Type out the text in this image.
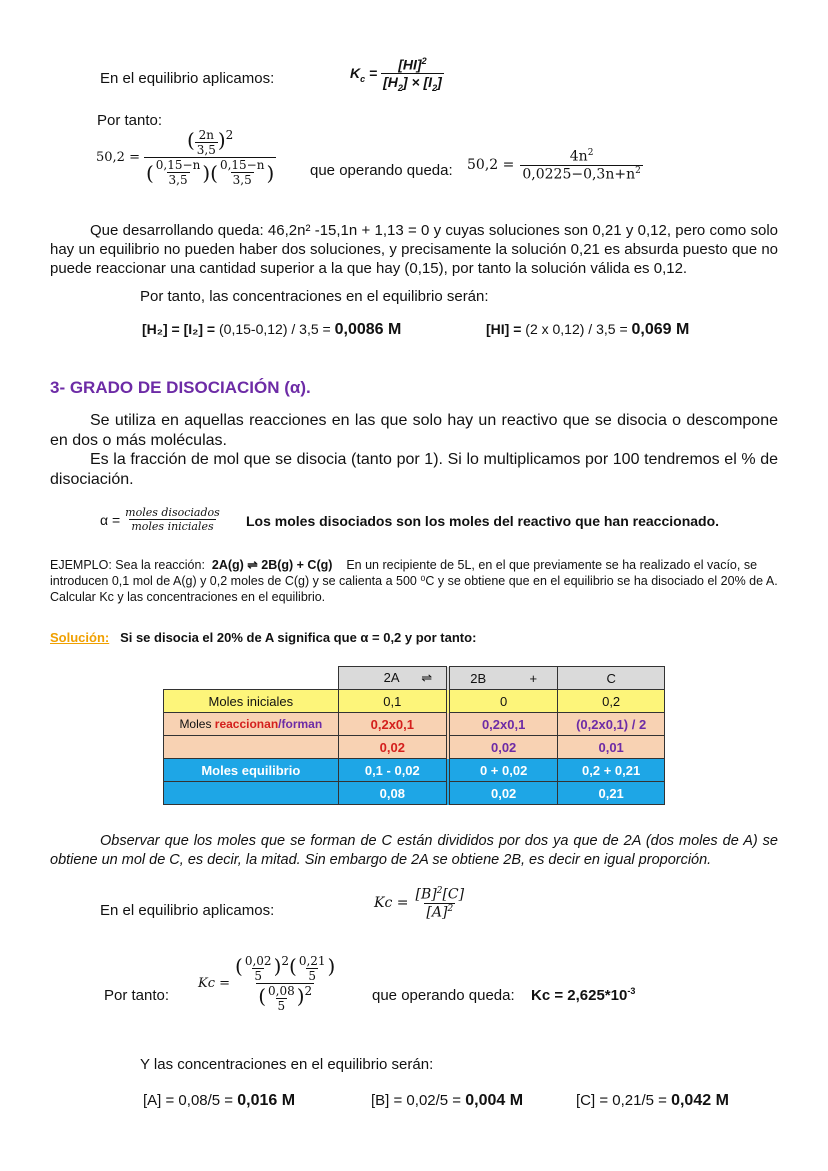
En el equilibrio aplicamos:	$K_c = \frac{[HI]^2}{[H_2] \times [I_2]}$
Por tanto:
$50,2 = \frac{( \frac{2n}{3,5} ) 2}{( \frac{0,15-n}{3,5} ) ( \frac{0,15-n}{3,5} )}$ que operando queda: $50,2 = \frac{4n^2}{0,0225-0,3n+n^2}$
Que desarrollando queda: 46,2n² -15,1n + 1,13 = 0 y cuyas soluciones son 0,21 y 0,12, pero como solo hay un equilibrio no pueden haber dos soluciones, y precisamente la solución 0,21 es absurda puesto que no puede reaccionar una cantidad superior a la que hay (0,15), por tanto la solución válida es 0,12.
Por tanto, las concentraciones en el equilibrio serán:
[H₂] = [I₂] = (0,15-0,12) / 3,5 = 0,0086 M	[HI] = (2 x 0,12) / 3,5 = 0,069 M
3- GRADO DE DISOCIACIÓN (α).
Se utiliza en aquellas reacciones en las que solo hay un reactivo que se disocia o descompone en dos o más moléculas.
Es la fracción de mol que se disocia (tanto por 1). Si lo multiplicamos por 100 tendremos el % de disociación.
$\alpha = \frac{\text{moles disociados}}{\text{moles iniciales}}$ Los moles disociados son los moles del reactivo que han reaccionado.
EJEMPLO: Sea la reacción: 2A(g) ⇌ 2B(g) + C(g) En un recipiente de 5L, en el que previamente se ha realizado el vacío, se introducen 0,1 mol de A(g) y 0,2 moles de C(g) y se calienta a 500 ⁰C y se obtiene que en el equilibrio se ha disociado el 20% de A. Calcular Kc y las concentraciones en el equilibrio.
Solución: Si se disocia el 20% de A significa que α = 0,2 y por tanto:
	2A ⇌	2B +	C
Moles iniciales	0,1	0	0,2
Moles reaccionan/forman	0,2x0,1	0,2x0,1	(0,2x0,1) / 2
	0,02	0,02	0,01
Moles equilibrio	0,1 - 0,02	0 + 0,02	0,2 + 0,21
	0,08	0,02	0,21
Observar que los moles que se forman de C están divididos por dos ya que de 2A (dos moles de A) se obtiene un mol de C, es decir, la mitad. Sin embargo de 2A se obtiene 2B, es decir en igual proporción.
En el equilibrio aplicamos:	$Kc = \frac{[B]^2[C]}{[A]^2}$
Por tanto:
$Kc = \frac{( \frac{0,02}{5} ) 2 ( \frac{0,21}{5} )}{( \frac{0,08}{5} ) 2}$ que operando queda: $Kc = 2,625*10^{-3}$
Y las concentraciones en el equilibrio serán:
[A] = 0,08/5 = 0,016 M	[B] = 0,02/5 = 0,004 M	[C] = 0,21/5 = 0,042 M
